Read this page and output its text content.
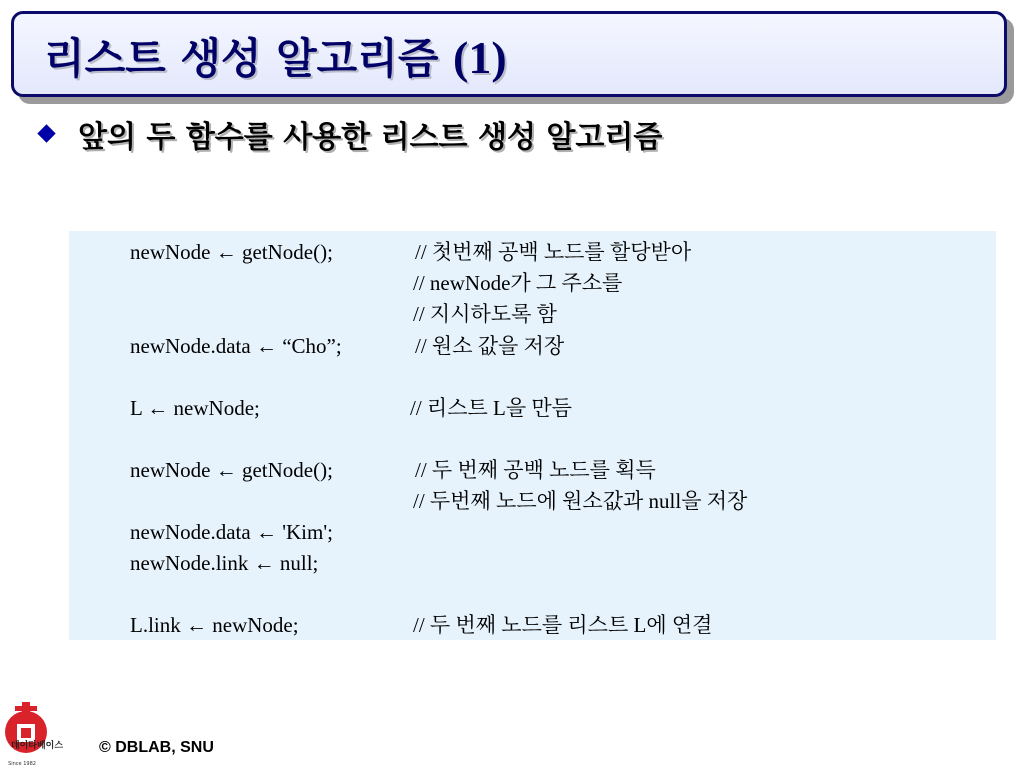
리스트 생성 알고리즘 (1)
앞의 두 함수를 사용한 리스트 생성 알고리즘
newNode ← getNode();	// 첫번째 공백 노드를 할당받아
// newNode가 그 주소를
// 지시하도록 함
newNode.data ← “Cho”;	// 원소 값을 저장
L ← newNode;	// 리스트 L을 만듬
newNode ← getNode();	// 두 번째 공백 노드를 획득
// 두번째 노드에 원소값과 null을 저장
newNode.data ← 'Kim';
newNode.link ← null;
L.link ← newNode;	// 두 번째 노드를 리스트 L에 연결
데이타베이스
Since 1982
© DBLAB, SNU
